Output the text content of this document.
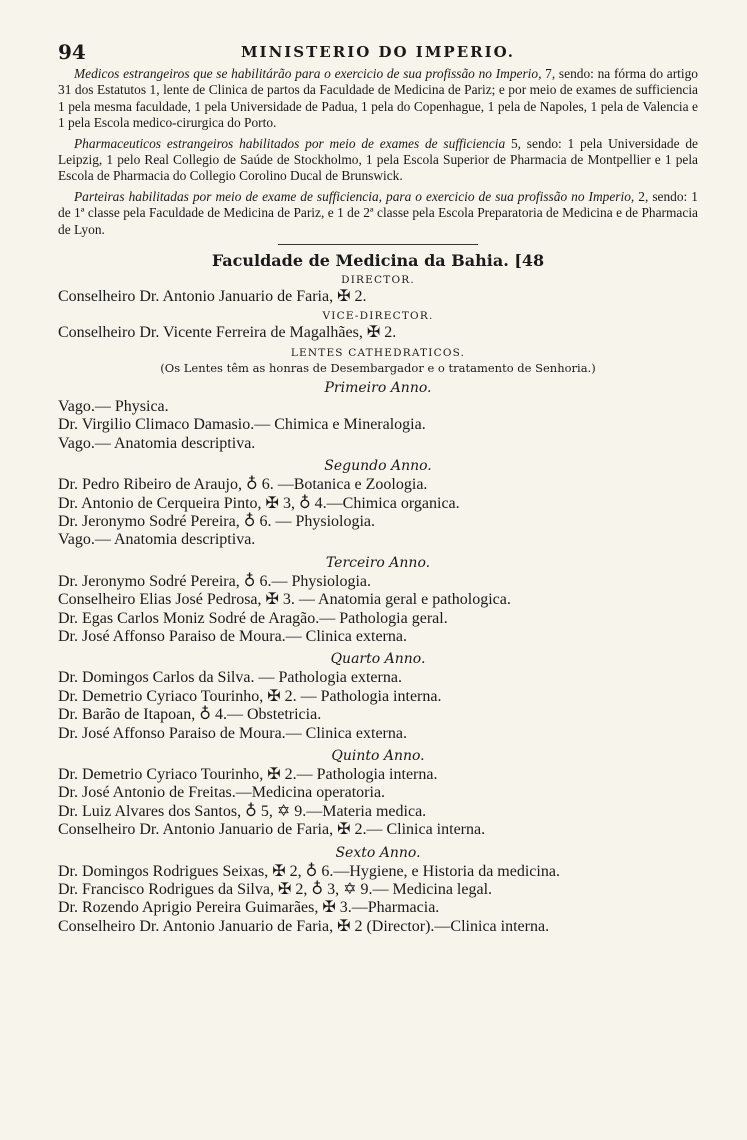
94	MINISTERIO DO IMPERIO.

Medicos estrangeiros que se habilitárão para o exercicio de sua profissão no Imperio, 7, sendo: na fórma do artigo 31 dos Estatutos 1, lente de Clinica de partos da Faculdade de Medicina de Pariz; e por meio de exames de sufficiencia 1 pela mesma faculdade, 1 pela Universidade de Padua, 1 pela do Copenhague, 1 pela de Napoles, 1 pela de Valencia e 1 pela Escola medico-cirurgica do Porto.

Pharmaceuticos estrangeiros habilitados por meio de exames de sufficiencia 5, sendo: 1 pela Universidade de Leipzig, 1 pelo Real Collegio de Saúde de Stockholmo, 1 pela Escola Superior de Pharmacia de Montpellier e 1 pela Escola de Pharmacia do Collegio Corolino Ducal de Brunswick.

Parteiras habilitadas por meio de exame de sufficiencia, para o exercicio de sua profissão no Imperio, 2, sendo: 1 de 1ª classe pela Faculdade de Medicina de Pariz, e 1 de 2ª classe pela Escola Preparatoria de Medicina e de Pharmacia de Lyon.

Faculdade de Medicina da Bahia. [48
DIRECTOR.
Conselheiro Dr. Antonio Januario de Faria, ✠ 2.
VICE-DIRECTOR.
Conselheiro Dr. Vicente Ferreira de Magalhães, ✠ 2.
LENTES CATHEDRATICOS.
(Os Lentes têm as honras de Desembargador e o tratamento de Senhoria.)
Primeiro Anno.
Vago.— Physica.
Dr. Virgilio Climaco Damasio.— Chimica e Mineralogia.
Vago.— Anatomia descriptiva.
Segundo Anno.
Dr. Pedro Ribeiro de Araujo, ♁ 6. —Botanica e Zoologia.
Dr. Antonio de Cerqueira Pinto, ✠ 3, ♁ 4.—Chimica organica.
Dr. Jeronymo Sodré Pereira, ♁ 6. — Physiologia.
Vago.— Anatomia descriptiva.
Terceiro Anno.
Dr. Jeronymo Sodré Pereira, ♁ 6.— Physiologia.
Conselheiro Elias José Pedrosa, ✠ 3. — Anatomia geral e pathologica.
Dr. Egas Carlos Moniz Sodré de Aragão.— Pathologia geral.
Dr. José Affonso Paraiso de Moura.— Clinica externa.
Quarto Anno.
Dr. Domingos Carlos da Silva. — Pathologia externa.
Dr. Demetrio Cyriaco Tourinho, ✠ 2. — Pathologia interna.
Dr. Barão de Itapoan, ♁ 4.— Obstetricia.
Dr. José Affonso Paraiso de Moura.— Clinica externa.
Quinto Anno.
Dr. Demetrio Cyriaco Tourinho, ✠ 2.— Pathologia interna.
Dr. José Antonio de Freitas.—Medicina operatoria.
Dr. Luiz Alvares dos Santos, ♁ 5, ✡ 9.—Materia medica.
Conselheiro Dr. Antonio Januario de Faria, ✠ 2.— Clinica interna.
Sexto Anno.
Dr. Domingos Rodrigues Seixas, ✠ 2, ♁ 6.—Hygiene, e Historia da medicina.
Dr. Francisco Rodrigues da Silva, ✠ 2, ♁ 3, ✡ 9.— Medicina legal.
Dr. Rozendo Aprigio Pereira Guimarães, ✠ 3.—Pharmacia.
Conselheiro Dr. Antonio Januario de Faria, ✠ 2 (Director).—Clinica interna.
